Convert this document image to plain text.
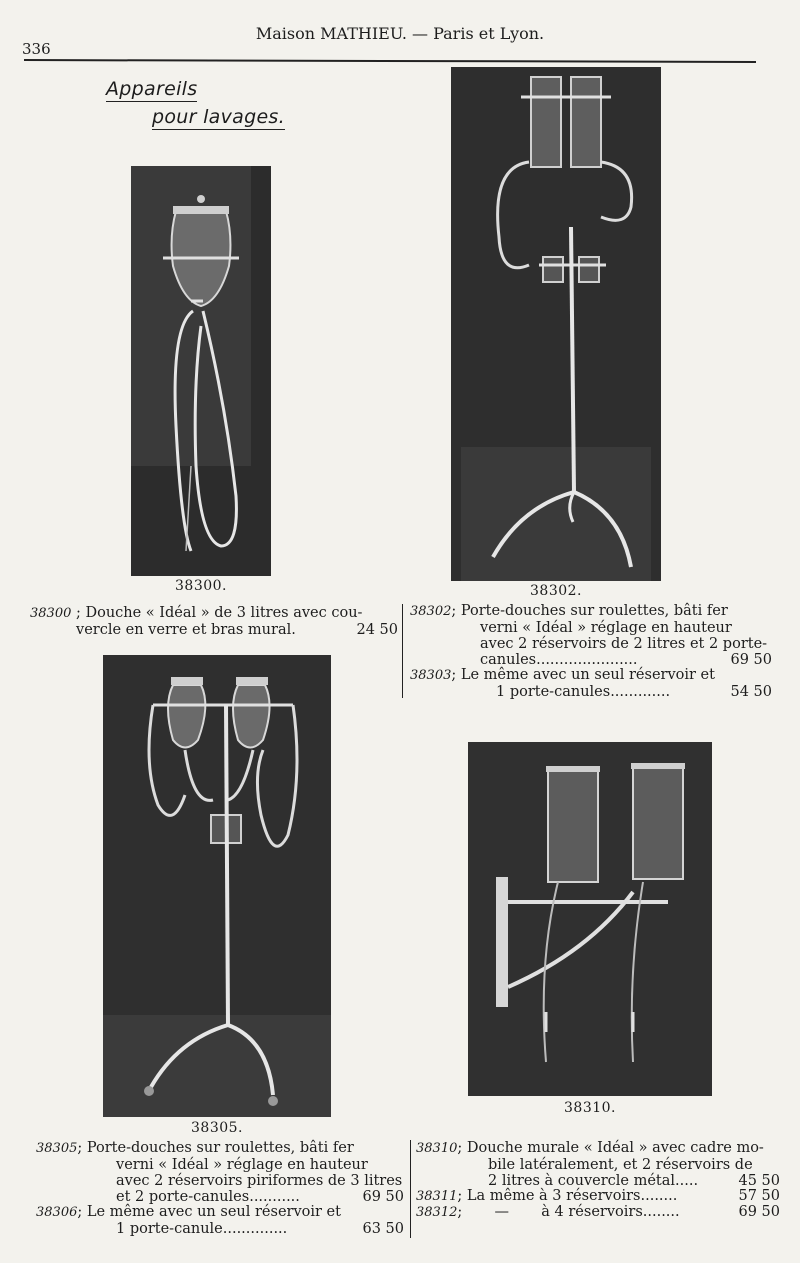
336
Maison MATHIEU. — Paris et Lyon.
Appareils
pour lavages.
38300.	38302.
38300 ; Douche « Idéal » de 3 litres avec cou-
vercle en verre et bras mural.	24 50
38302; Porte-douches sur roulettes, bâti fer
verni « Idéal » réglage en hauteur
avec 2 réservoirs de 2 litres et 2 porte-
canules......................	69 50
38303; Le même avec un seul réservoir et
1 porte-canules.............	54 50
38305.
38310.
38305; Porte-douches sur roulettes, bâti fer
verni « Idéal » réglage en hauteur
avec 2 réservoirs piriformes de 3 litres
et 2 porte-canules...........	69 50
38306; Le même avec un seul réservoir et
1 porte-canule..............	63 50
38310; Douche murale « Idéal » avec cadre mo-
bile latéralement, et 2 réservoirs de
2 litres à couvercle métal.....	45 50
38311; La même à 3 réservoirs........	57 50
38312;       —       à 4 réservoirs........	69 50
